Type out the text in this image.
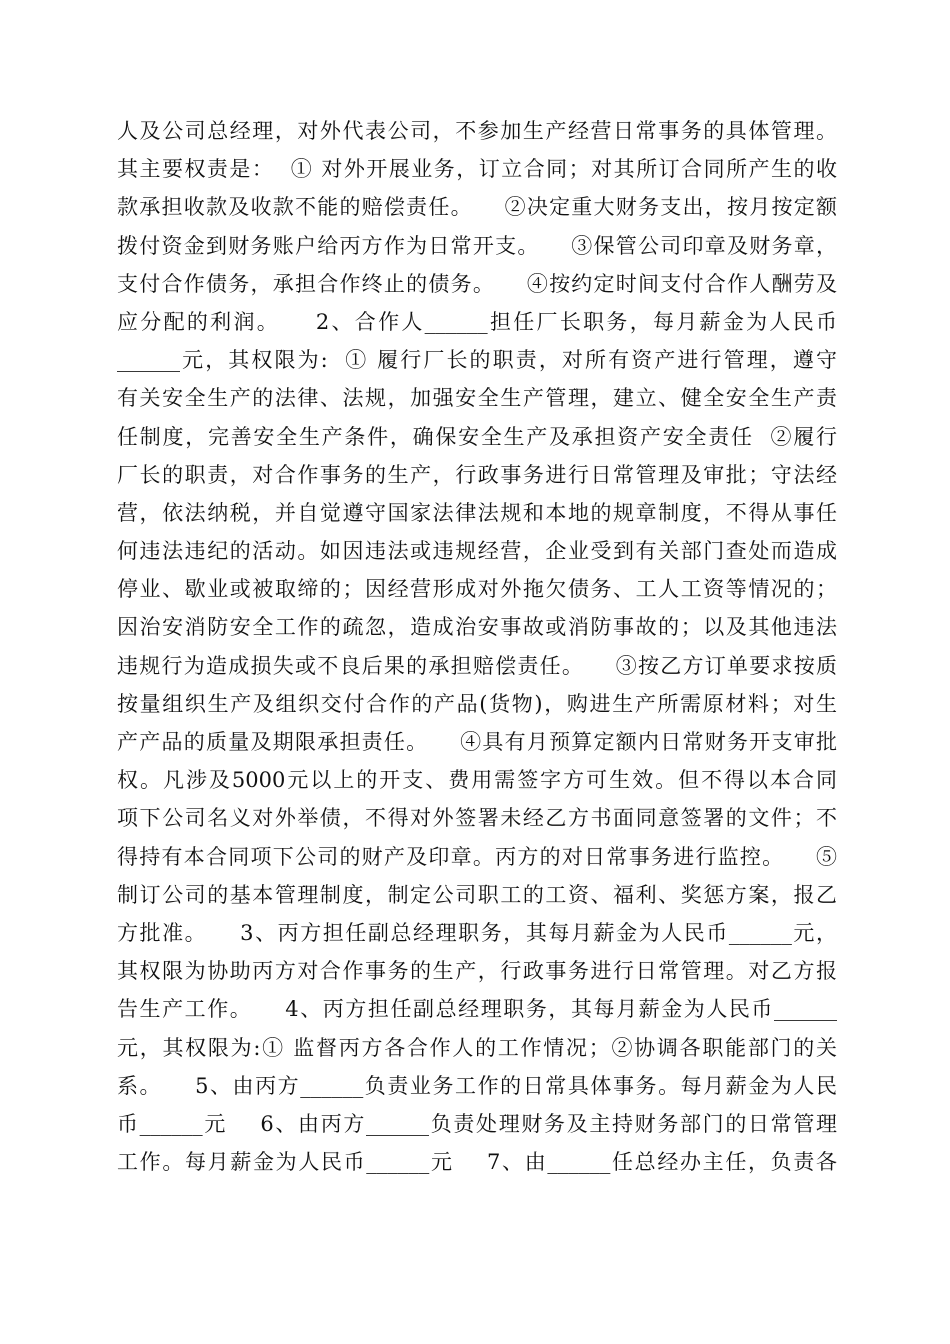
人及公司总经理，对外代表公司，不参加生产经营日常事务的具体管理。
其主要权责是：  ① 对外开展业务，订立合同；对其所订合同所产生的收
款承担收款及收款不能的赔偿责任。    ②决定重大财务支出，按月按定额
拨付资金到财务账户给丙方作为日常开支。    ③保管公司印章及财务章，
支付合作债务，承担合作终止的债务。    ④按约定时间支付合作人酬劳及
应分配的利润。    2、合作人______担任厂长职务，每月薪金为人民币
______元，其权限为:  ① 履行厂长的职责，对所有资产进行管理，遵守
有关安全生产的法律、法规，加强安全生产管理，建立、健全安全生产责
任制度，完善安全生产条件，确保安全生产及承担资产安全责任  ②履行
厂长的职责，对合作事务的生产，行政事务进行日常管理及审批；守法经
营，依法纳税，并自觉遵守国家法律法规和本地的规章制度，不得从事任
何违法违纪的活动。如因违法或违规经营，企业受到有关部门查处而造成
停业、歇业或被取缔的；因经营形成对外拖欠债务、工人工资等情况的；
因治安消防安全工作的疏忽，造成治安事故或消防事故的；以及其他违法
违规行为造成损失或不良后果的承担赔偿责任。    ③按乙方订单要求按质
按量组织生产及组织交付合作的产品(货物)，购进生产所需原材料；对生
产产品的质量及期限承担责任。    ④具有月预算定额内日常财务开支审批
权。凡涉及5000元以上的开支、费用需签字方可生效。但不得以本合同
项下公司名义对外举债，不得对外签署未经乙方书面同意签署的文件；不
得持有本合同项下公司的财产及印章。丙方的对日常事务进行监控。    ⑤
制订公司的基本管理制度，制定公司职工的工资、福利、奖惩方案，报乙
方批准。    3、丙方担任副总经理职务，其每月薪金为人民币______元，
其权限为协助丙方对合作事务的生产，行政事务进行日常管理。对乙方报
告生产工作。    4、丙方担任副总经理职务，其每月薪金为人民币______
元，其权限为:① 监督丙方各合作人的工作情况；②协调各职能部门的关
系。    5、由丙方______负责业务工作的日常具体事务。每月薪金为人民
币______元    6、由丙方______负责处理财务及主持财务部门的日常管理
工作。每月薪金为人民币______元    7、由______任总经办主任，负责各
